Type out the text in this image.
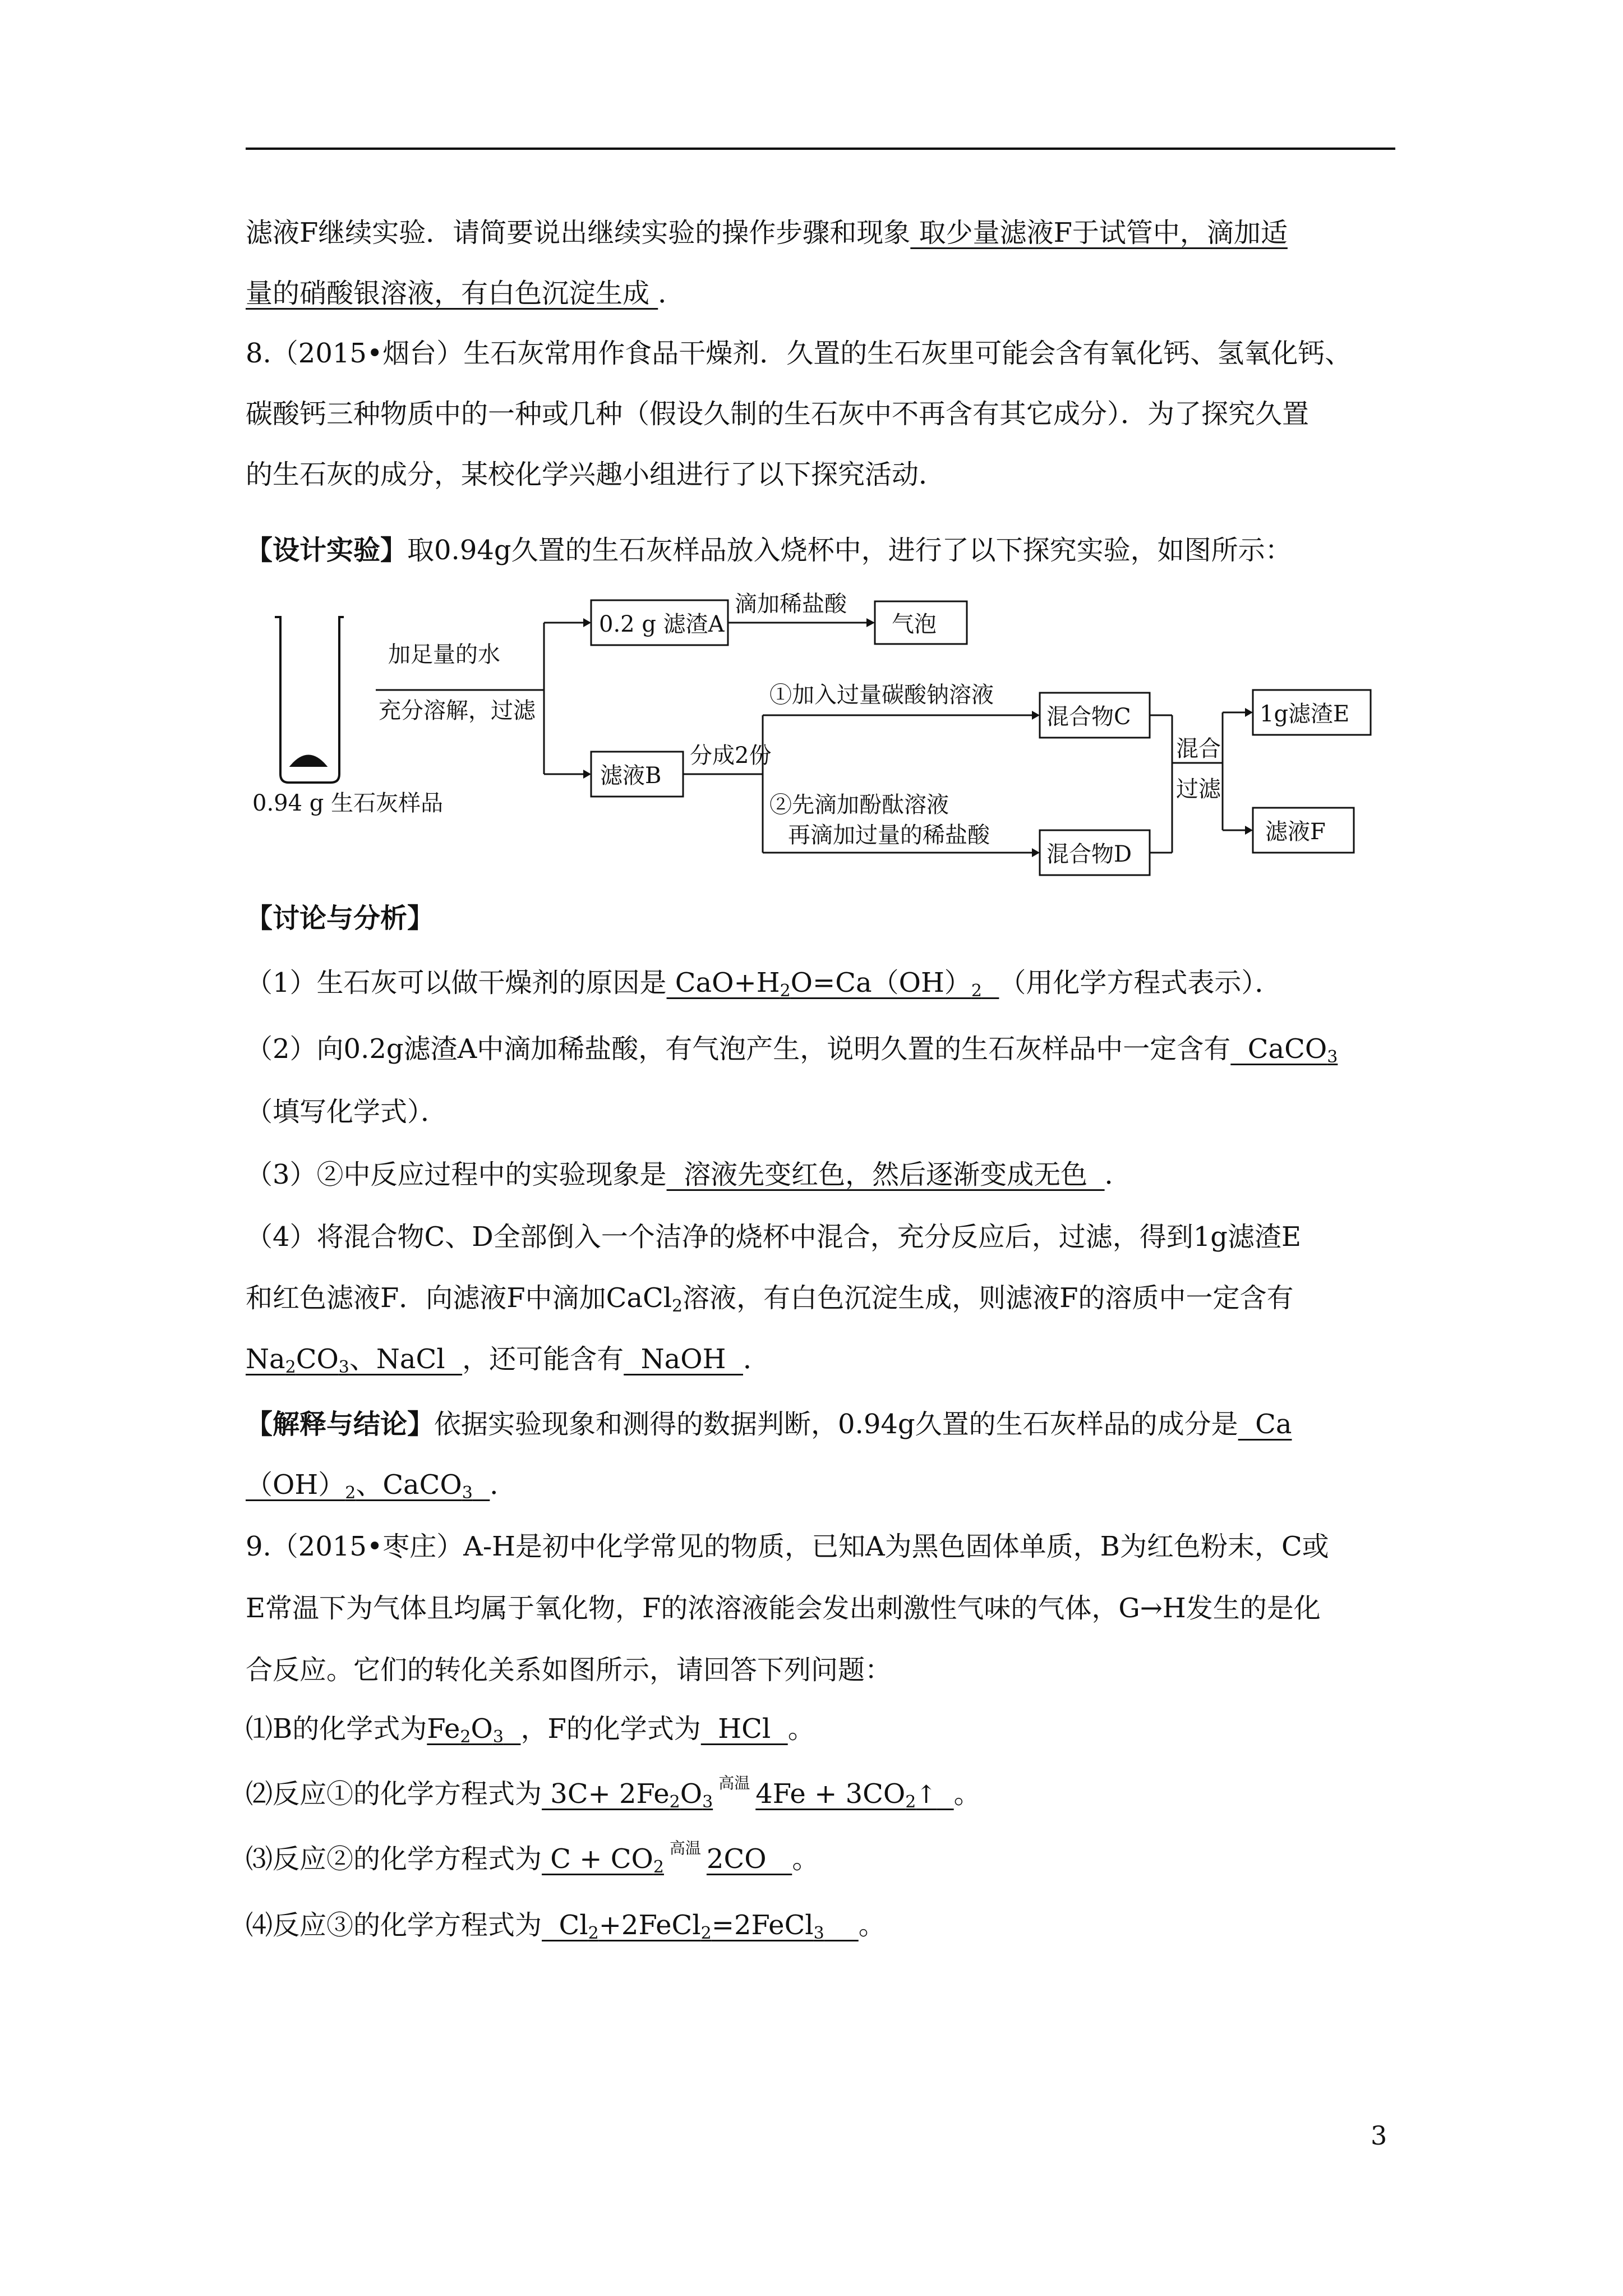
滤液F继续实验．请简要说出继续实验的操作步骤和现象 取少量滤液F于试管中，滴加适
量的硝酸银溶液，有白色沉淀生成 ．
8.（2015•烟台）生石灰常用作食品干燥剂．久置的生石灰里可能会含有氧化钙、氢氧化钙、
碳酸钙三种物质中的一种或几种（假设久制的生石灰中不再含有其它成分）．为了探究久置
的生石灰的成分，某校化学兴趣小组进行了以下探究活动．
【设计实验】取0.94g久置的生石灰样品放入烧杯中，进行了以下探究实验，如图所示：
0.94 g 生石灰样品
加足量的水
充分溶解，过滤
0.2 g 滤渣A
滴加稀盐酸
气泡
滤液B
分成2份
①加入过量碳酸钠溶液
②先滴加酚酞溶液
再滴加过量的稀盐酸
混合物C
混合物D
混合
过滤
1g滤渣E
滤液F
【讨论与分析】
（1）生石灰可以做干燥剂的原因是 $CaO+H_2O=Ca(OH)_2$ （用化学方程式表示）．
（2）向0.2g滤渣A中滴加稀盐酸，有气泡产生，说明久置的生石灰样品中一定含有  CaCO$_3$
（填写化学式）．
（3）②中反应过程中的实验现象是  溶液先变红色，然后逐渐变成无色  ．
（4）将混合物C、D全部倒入一个洁净的烧杯中混合，充分反应后，过滤，得到1g滤渣E
和红色滤液F．向滤液F中滴加CaCl$_2$溶液，有白色沉淀生成，则滤液F的溶质中一定含有
$Na_2CO_3$、NaCl  ，还可能含有  NaOH  ．
【解释与结论】依据实验现象和测得的数据判断，0.94g久置的生石灰样品的成分是  Ca
$(OH)_2$、CaCO$_3$ ．
9.（2015•枣庄）A-H是初中化学常见的物质，已知A为黑色固体单质，B为红色粉末，C或
E常温下为气体且均属于氧化物，F的浓溶液能会发出刺激性气味的气体，G→H发生的是化
合反应。它们的转化关系如图所示，请回答下列问题：
⑴B的化学式为$Fe_2O_3$ ，F的化学式为  HCl  。
⑵反应①的化学方程式为 $3C+ 2Fe_2O_3$高温 $4Fe + 3CO_2↑$ 。
⑶反应②的化学方程式为 $C + CO_2$高温 2CO   。
⑷反应③的化学方程式为  $Cl_2+2FeCl_2=2FeCl_3$ 。
3
